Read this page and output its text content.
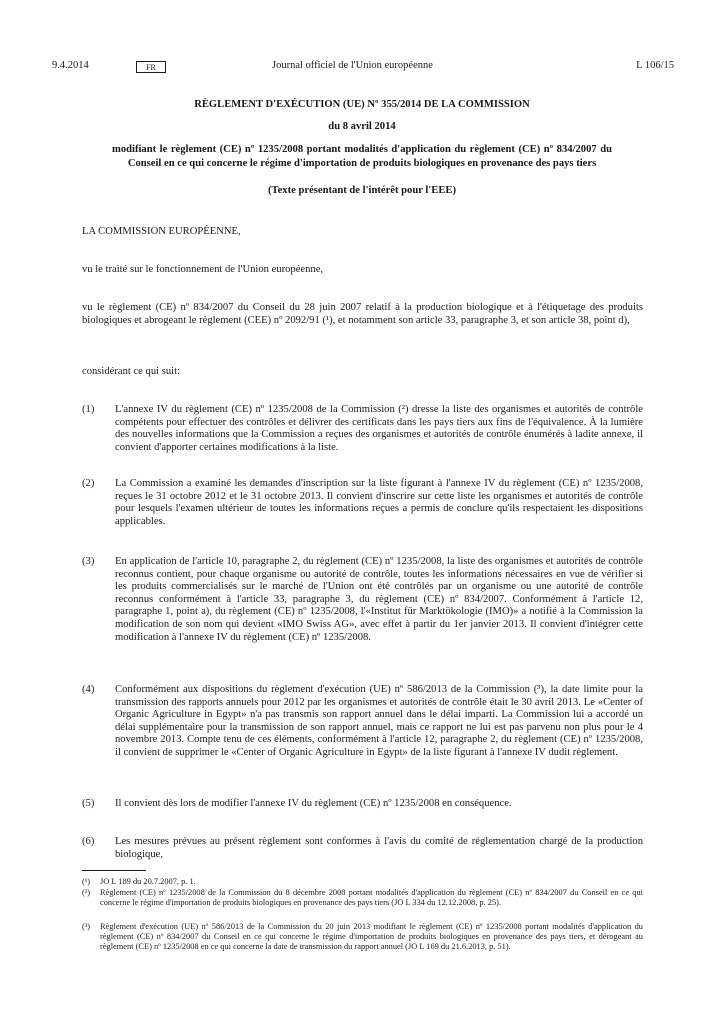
9.4.2014	FR	Journal officiel de l'Union européenne	L 106/15

RÈGLEMENT D'EXÉCUTION (UE) Nº 355/2014 DE LA COMMISSION

du 8 avril 2014

modifiant le règlement (CE) nº 1235/2008 portant modalités d'application du règlement (CE) nº 834/2007 du Conseil en ce qui concerne le régime d'importation de produits biologiques en provenance des pays tiers

(Texte présentant de l'intérêt pour l'EEE)

LA COMMISSION EUROPÉENNE,

vu le traité sur le fonctionnement de l'Union européenne,

vu le règlement (CE) nº 834/2007 du Conseil du 28 juin 2007 relatif à la production biologique et à l'étiquetage des produits biologiques et abrogeant le règlement (CEE) nº 2092/91 (¹), et notamment son article 33, paragraphe 3, et son article 38, point d),

considérant ce qui suit:

(1) L'annexe IV du règlement (CE) nº 1235/2008 de la Commission (²) dresse la liste des organismes et autorités de contrôle compétents pour effectuer des contrôles et délivrer des certificats dans les pays tiers aux fins de l'équivalence. À la lumière des nouvelles informations que la Commission a reçues des organismes et autorités de contrôle énumérés à ladite annexe, il convient d'apporter certaines modifications à la liste.

(2) La Commission a examiné les demandes d'inscription sur la liste figurant à l'annexe IV du règlement (CE) nº 1235/2008, reçues le 31 octobre 2012 et le 31 octobre 2013. Il convient d'inscrire sur cette liste les organismes et autorités de contrôle pour lesquels l'examen ultérieur de toutes les informations reçues a permis de conclure qu'ils respectaient les dispositions applicables.

(3) En application de l'article 10, paragraphe 2, du règlement (CE) nº 1235/2008, la liste des organismes et autorités de contrôle reconnus contient, pour chaque organisme ou autorité de contrôle, toutes les informations nécessaires en vue de vérifier si les produits commercialisés sur le marché de l'Union ont été contrôlés par un organisme ou une autorité de contrôle reconnus conformément à l'article 33, paragraphe 3, du règlement (CE) nº 834/2007. Conformément à l'article 12, paragraphe 1, point a), du règlement (CE) nº 1235/2008, l'«Institut für Marktökologie (IMO)» a notifié à la Commission la modification de son nom qui devient «IMO Swiss AG», avec effet à partir du 1er janvier 2013. Il convient d'intégrer cette modification à l'annexe IV du règlement (CE) nº 1235/2008.

(4) Conformément aux dispositions du règlement d'exécution (UE) nº 586/2013 de la Commission (³), la date limite pour la transmission des rapports annuels pour 2012 par les organismes et autorités de contrôle était le 30 avril 2013. Le «Center of Organic Agriculture in Egypt» n'a pas transmis son rapport annuel dans le délai imparti. La Commission lui a accordé un délai supplémentaire pour la transmission de son rapport annuel, mais ce rapport ne lui est pas parvenu non plus pour le 4 novembre 2013. Compte tenu de ces éléments, conformément à l'article 12, paragraphe 2, du règlement (CE) nº 1235/2008, il convient de supprimer le «Center of Organic Agriculture in Egypt» de la liste figurant à l'annexe IV dudit règlement.

(5) Il convient dès lors de modifier l'annexe IV du règlement (CE) nº 1235/2008 en conséquence.

(6) Les mesures prévues au présent règlement sont conformes à l'avis du comité de réglementation chargé de la production biologique,

(¹) JO L 189 du 20.7.2007, p. 1.

(²) Règlement (CE) nº 1235/2008 de la Commission du 8 décembre 2008 portant modalités d'application du règlement (CE) nº 834/2007 du Conseil en ce qui concerne le régime d'importation de produits biologiques en provenance des pays tiers (JO L 334 du 12.12.2008, p. 25).

(³) Règlement d'exécution (UE) nº 586/2013 de la Commission du 20 juin 2013 modifiant le règlement (CE) nº 1235/2008 portant modalités d'application du règlement (CE) nº 834/2007 du Conseil en ce qui concerne le régime d'importation de produits biologiques en provenance des pays tiers, et dérogeant au règlement (CE) nº 1235/2008 en ce qui concerne la date de transmission du rapport annuel (JO L 169 du 21.6.2013, p. 51).
